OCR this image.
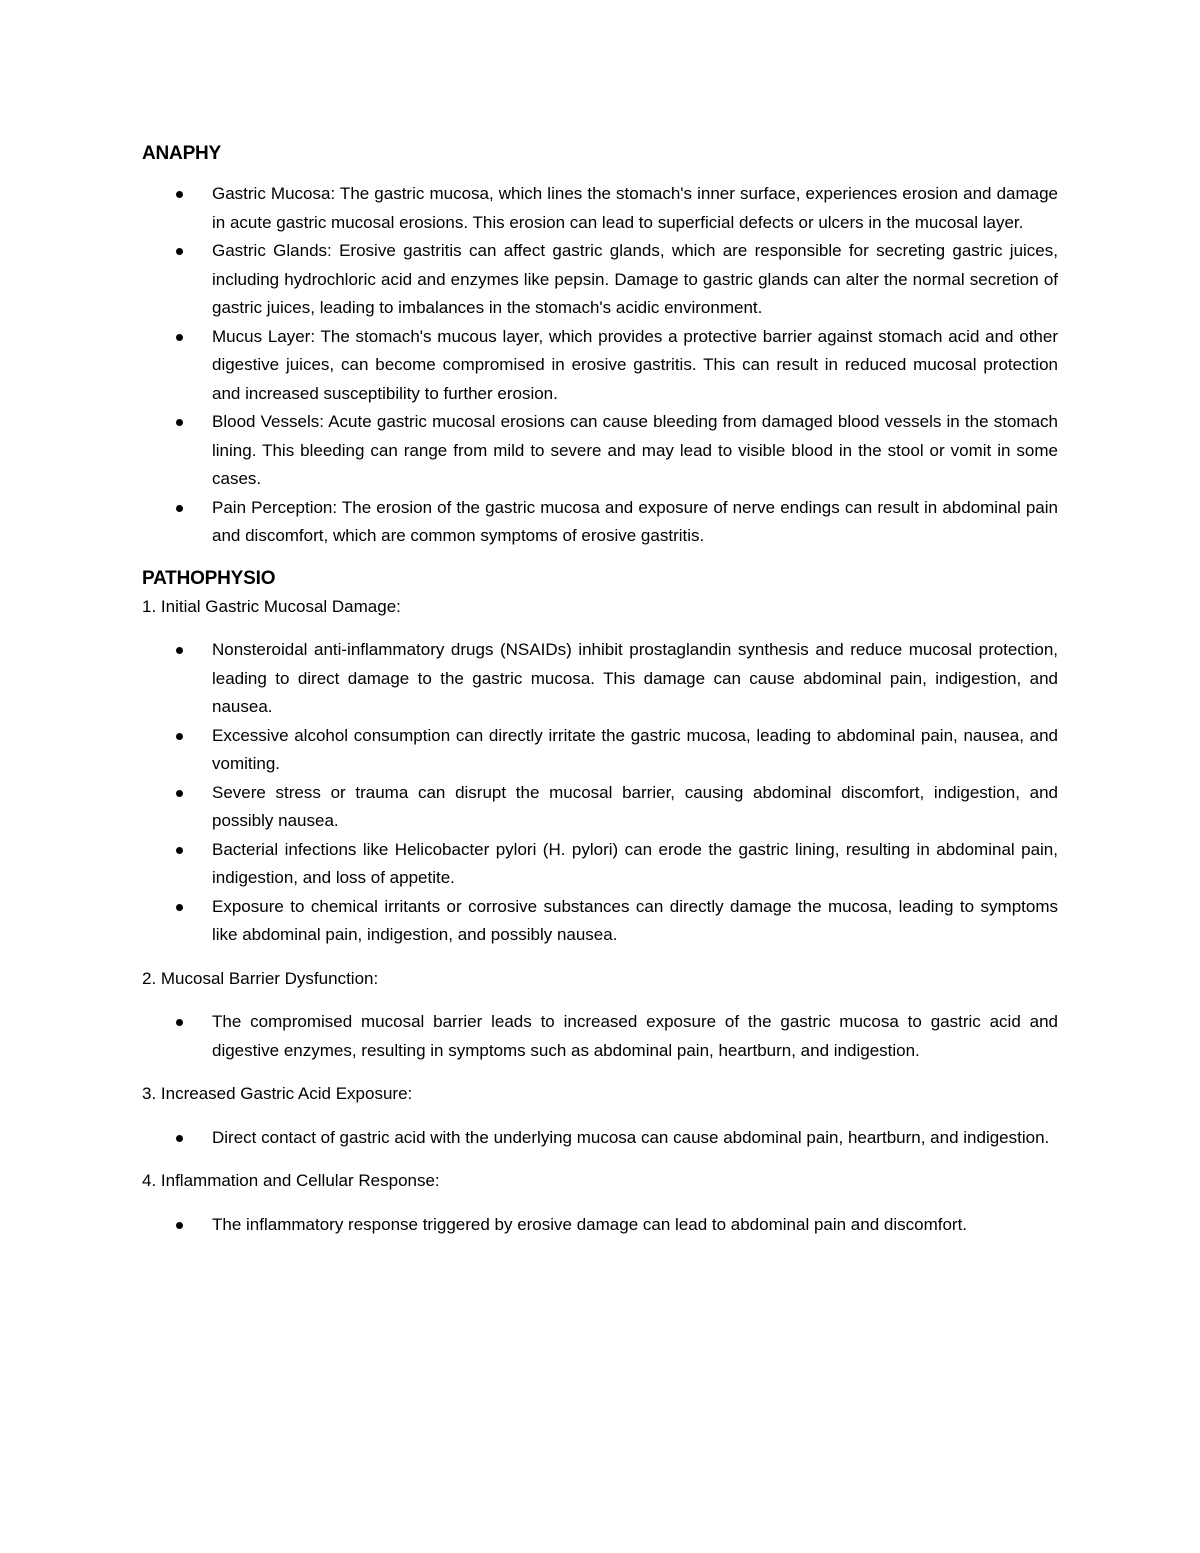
ANAPHY
Gastric Mucosa: The gastric mucosa, which lines the stomach's inner surface, experiences erosion and damage in acute gastric mucosal erosions. This erosion can lead to superficial defects or ulcers in the mucosal layer.
Gastric Glands: Erosive gastritis can affect gastric glands, which are responsible for secreting gastric juices, including hydrochloric acid and enzymes like pepsin. Damage to gastric glands can alter the normal secretion of gastric juices, leading to imbalances in the stomach's acidic environment.
Mucus Layer: The stomach's mucous layer, which provides a protective barrier against stomach acid and other digestive juices, can become compromised in erosive gastritis. This can result in reduced mucosal protection and increased susceptibility to further erosion.
Blood Vessels: Acute gastric mucosal erosions can cause bleeding from damaged blood vessels in the stomach lining. This bleeding can range from mild to severe and may lead to visible blood in the stool or vomit in some cases.
Pain Perception: The erosion of the gastric mucosa and exposure of nerve endings can result in abdominal pain and discomfort, which are common symptoms of erosive gastritis.
PATHOPHYSIO

1. Initial Gastric Mucosal Damage:

Nonsteroidal anti-inflammatory drugs (NSAIDs) inhibit prostaglandin synthesis and reduce mucosal protection, leading to direct damage to the gastric mucosa. This damage can cause abdominal pain, indigestion, and nausea.
Excessive alcohol consumption can directly irritate the gastric mucosa, leading to abdominal pain, nausea, and vomiting.
Severe stress or trauma can disrupt the mucosal barrier, causing abdominal discomfort, indigestion, and possibly nausea.
Bacterial infections like Helicobacter pylori (H. pylori) can erode the gastric lining, resulting in abdominal pain, indigestion, and loss of appetite.
Exposure to chemical irritants or corrosive substances can directly damage the mucosa, leading to symptoms like abdominal pain, indigestion, and possibly nausea.

2. Mucosal Barrier Dysfunction:

The compromised mucosal barrier leads to increased exposure of the gastric mucosa to gastric acid and digestive enzymes, resulting in symptoms such as abdominal pain, heartburn, and indigestion.

3. Increased Gastric Acid Exposure:

Direct contact of gastric acid with the underlying mucosa can cause abdominal pain, heartburn, and indigestion.

4. Inflammation and Cellular Response:

The inflammatory response triggered by erosive damage can lead to abdominal pain and discomfort.
